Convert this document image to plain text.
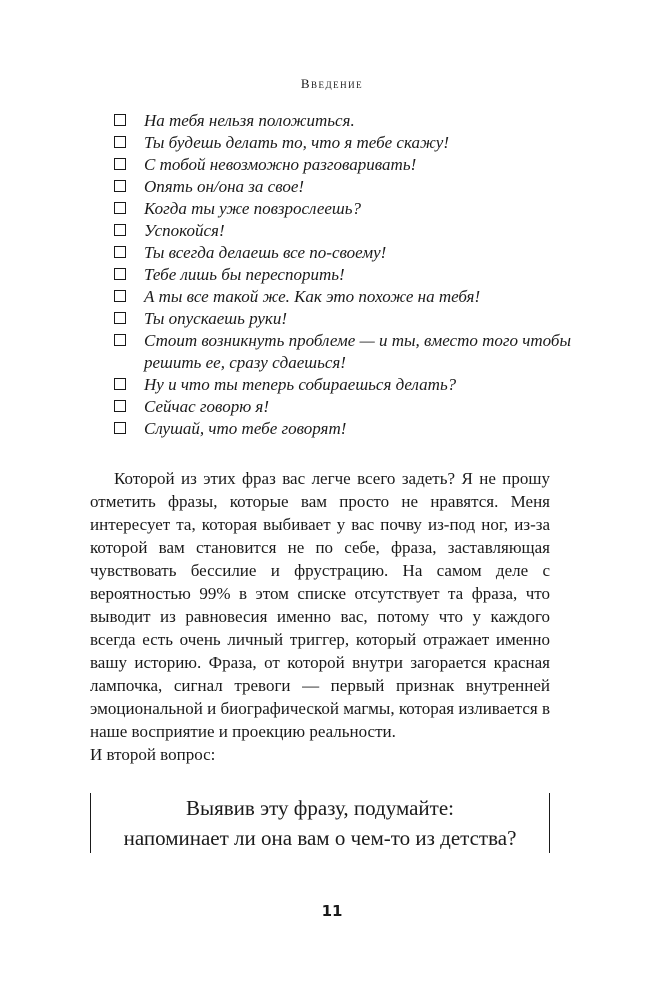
Введение
На тебя нельзя положиться.
Ты будешь делать то, что я тебе скажу!
С тобой невозможно разговаривать!
Опять он/она за свое!
Когда ты уже повзрослеешь?
Успокойся!
Ты всегда делаешь все по-своему!
Тебе лишь бы переспорить!
А ты все такой же. Как это похоже на тебя!
Ты опускаешь руки!
Стоит возникнуть проблеме — и ты, вместо того чтобы решить ее, сразу сдаешься!
Ну и что ты теперь собираешься делать?
Сейчас говорю я!
Слушай, что тебе говорят!

Которой из этих фраз вас легче всего задеть? Я не прошу отметить фразы, которые вам просто не нравятся. Меня интересует та, которая выбивает у вас почву из-под ног, из-за которой вам становится не по себе, фраза, заставляющая чувствовать бессилие и фрустрацию. На самом деле с вероятностью 99% в этом списке отсутствует та фраза, что выводит из равновесия именно вас, потому что у каждого всегда есть очень личный триггер, который отражает именно вашу историю. Фраза, от которой внутри загорается красная лампочка, сигнал тревоги — первый признак внутренней эмоциональной и биографической магмы, которая изливается в наше восприятие и проекцию реальности.
И второй вопрос:

Выявив эту фразу, подумайте:
напоминает ли она вам о чем-то из детства?
11
